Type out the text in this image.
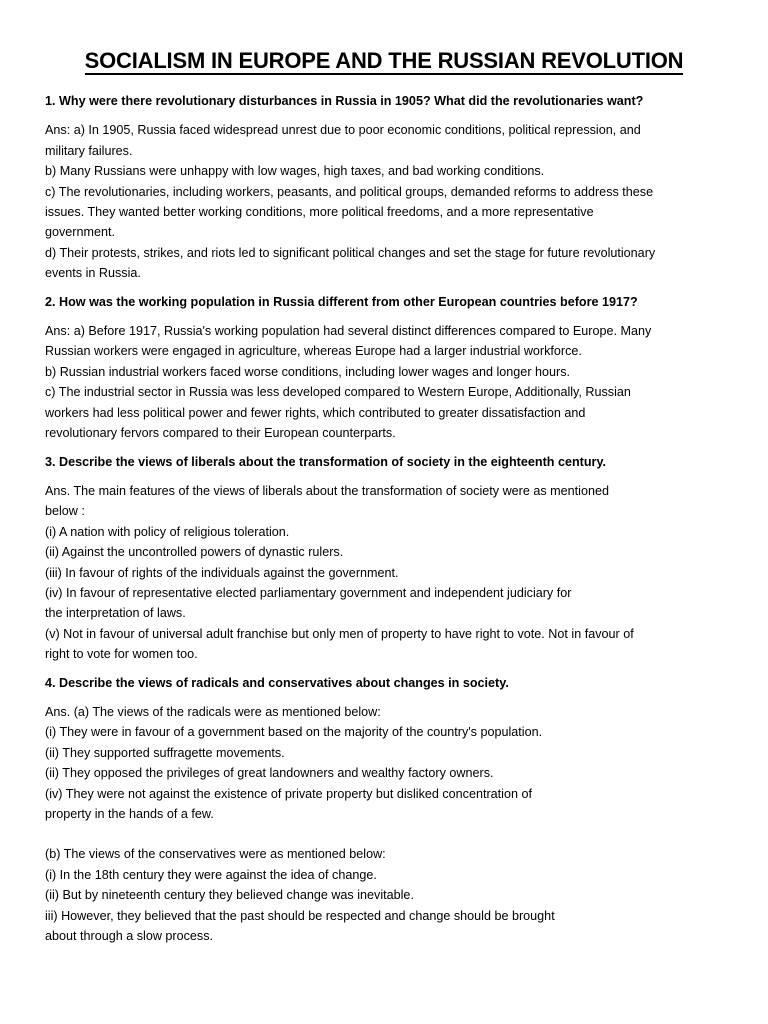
SOCIALISM IN EUROPE AND THE RUSSIAN REVOLUTION
1. Why were there revolutionary disturbances in Russia in 1905? What did the revolutionaries want?
Ans: a) In 1905, Russia faced widespread unrest due to poor economic conditions, political repression, and
military failures.
b) Many Russians were unhappy with low wages, high taxes, and bad working conditions.
c) The revolutionaries, including workers, peasants, and political groups, demanded reforms to address these
issues. They wanted better working conditions, more political freedoms, and a more representative
government.
d) Their protests, strikes, and riots led to significant political changes and set the stage for future revolutionary
events in Russia.
2. How was the working population in Russia different from other European countries before 1917?
Ans: a) Before 1917, Russia's working population had several distinct differences compared to Europe. Many
Russian workers were engaged in agriculture, whereas Europe had a larger industrial workforce.
b) Russian industrial workers faced worse conditions, including lower wages and longer hours.
c) The industrial sector in Russia was less developed compared to Western Europe, Additionally, Russian
workers had less political power and fewer rights, which contributed to greater dissatisfaction and
revolutionary fervors compared to their European counterparts.
3. Describe the views of liberals about the transformation of society in the eighteenth century.
Ans. The main features of the views of liberals about the transformation of society were as mentioned
below :
(i) A nation with policy of religious toleration.
(ii) Against the uncontrolled powers of dynastic rulers.
(iii) In favour of rights of the individuals against the government.
(iv) In favour of representative elected parliamentary government and independent judiciary for
the interpretation of laws.
(v) Not in favour of universal adult franchise but only men of property to have right to vote. Not in favour of
right to vote for women too.
4. Describe the views of radicals and conservatives about changes in society.
Ans. (a) The views of the radicals were as mentioned below:
(i) They were in favour of a government based on the majority of the country's population.
(ii) They supported suffragette movements.
(ii) They opposed the privileges of great landowners and wealthy factory owners.
(iv) They were not against the existence of private property but disliked concentration of
property in the hands of a few.
(b) The views of the conservatives were as mentioned below:
(i) In the 18th century they were against the idea of change.
(ii) But by nineteenth century they believed change was inevitable.
iii) However, they believed that the past should be respected and change should be brought
about through a slow process.
